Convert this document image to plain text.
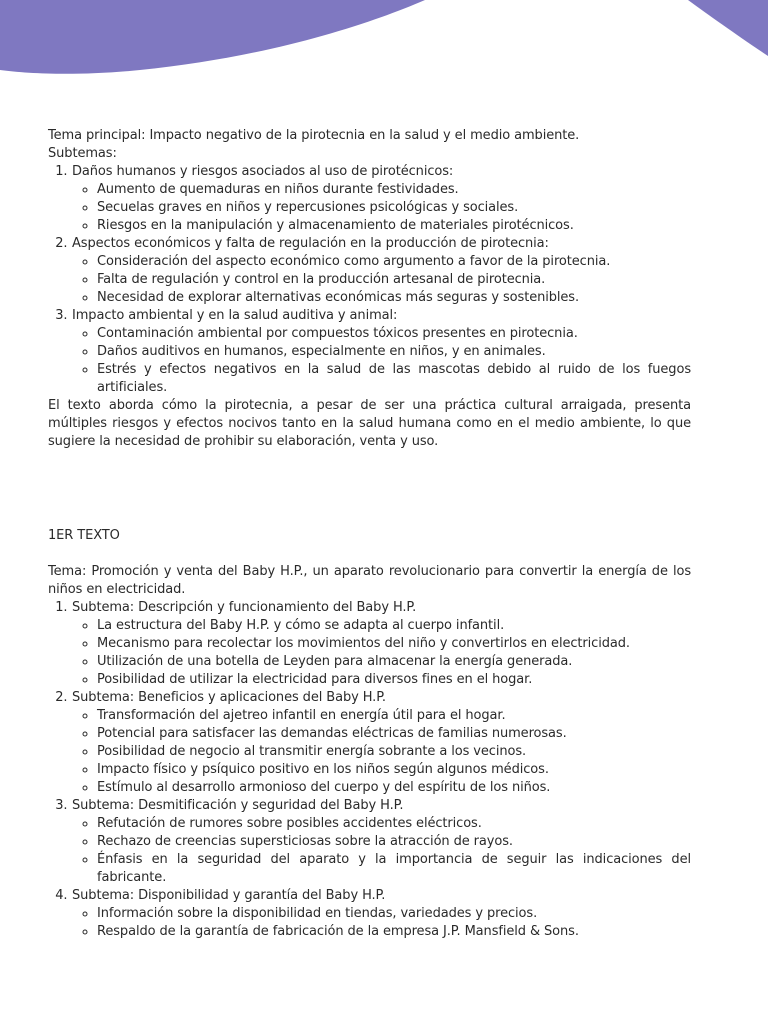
Tema principal: Impacto negativo de la pirotecnia en la salud y el medio ambiente.

Subtemas:

1. Daños humanos y riesgos asociados al uso de pirotécnicos:
◦ Aumento de quemaduras en niños durante festividades.
◦ Secuelas graves en niños y repercusiones psicológicas y sociales.
◦ Riesgos en la manipulación y almacenamiento de materiales pirotécnicos.
2. Aspectos económicos y falta de regulación en la producción de pirotecnia:
◦ Consideración del aspecto económico como argumento a favor de la pirotecnia.
◦ Falta de regulación y control en la producción artesanal de pirotecnia.
◦ Necesidad de explorar alternativas económicas más seguras y sostenibles.
3. Impacto ambiental y en la salud auditiva y animal:
◦ Contaminación ambiental por compuestos tóxicos presentes en pirotecnia.
◦ Daños auditivos en humanos, especialmente en niños, y en animales.
◦ Estrés y efectos negativos en la salud de las mascotas debido al ruido de los fuegos artificiales.

El texto aborda cómo la pirotecnia, a pesar de ser una práctica cultural arraigada, presenta múltiples riesgos y efectos nocivos tanto en la salud humana como en el medio ambiente, lo que sugiere la necesidad de prohibir su elaboración, venta y uso.

1ER TEXTO

Tema: Promoción y venta del Baby H.P., un aparato revolucionario para convertir la energía de los niños en electricidad.

1. Subtema: Descripción y funcionamiento del Baby H.P.
◦ La estructura del Baby H.P. y cómo se adapta al cuerpo infantil.
◦ Mecanismo para recolectar los movimientos del niño y convertirlos en electricidad.
◦ Utilización de una botella de Leyden para almacenar la energía generada.
◦ Posibilidad de utilizar la electricidad para diversos fines en el hogar.
2. Subtema: Beneficios y aplicaciones del Baby H.P.
◦ Transformación del ajetreo infantil en energía útil para el hogar.
◦ Potencial para satisfacer las demandas eléctricas de familias numerosas.
◦ Posibilidad de negocio al transmitir energía sobrante a los vecinos.
◦ Impacto físico y psíquico positivo en los niños según algunos médicos.
◦ Estímulo al desarrollo armonioso del cuerpo y del espíritu de los niños.
3. Subtema: Desmitificación y seguridad del Baby H.P.
◦ Refutación de rumores sobre posibles accidentes eléctricos.
◦ Rechazo de creencias supersticiosas sobre la atracción de rayos.
◦ Énfasis en la seguridad del aparato y la importancia de seguir las indicaciones del fabricante.
4. Subtema: Disponibilidad y garantía del Baby H.P.
◦ Información sobre la disponibilidad en tiendas, variedades y precios.
◦ Respaldo de la garantía de fabricación de la empresa J.P. Mansfield & Sons.
